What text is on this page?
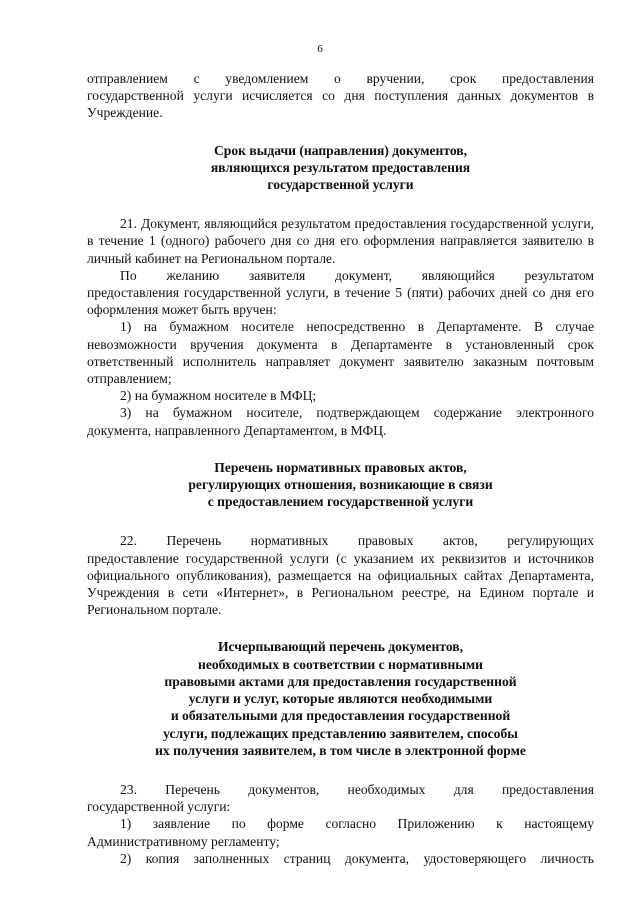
6

отправлением с уведомлением о вручении, срок предоставления

государственной услуги исчисляется со дня поступления данных документов в Учреждение.

Срок выдачи (направления) документов,
являющихся результатом предоставления
государственной услуги

21. Документ, являющийся результатом предоставления государственной услуги, в течение 1 (одного) рабочего дня со дня его оформления направляется заявителю в личный кабинет на Региональном портале.

По желанию заявителя документ, являющийся результатом

предоставления государственной услуги, в течение 5 (пяти) рабочих дней со дня его оформления может быть вручен:

1) на бумажном носителе непосредственно в Департаменте. В случае невозможности вручения документа в Департаменте в установленный срок ответственный исполнитель направляет документ заявителю заказным почтовым отправлением;

2) на бумажном носителе в МФЦ;

3) на бумажном носителе, подтверждающем содержание электронного документа, направленного Департаментом, в МФЦ.

Перечень нормативных правовых актов,
регулирующих отношения, возникающие в связи
с предоставлением государственной услуги

22. Перечень нормативных правовых актов, регулирующих

предоставление государственной услуги (с указанием их реквизитов и источников официального опубликования), размещается на официальных сайтах Департамента, Учреждения в сети «Интернет», в Региональном реестре, на Едином портале и Региональном портале.

Исчерпывающий перечень документов,
необходимых в соответствии с нормативными
правовыми актами для предоставления государственной
услуги и услуг, которые являются необходимыми
и обязательными для предоставления государственной
услуги, подлежащих представлению заявителем, способы
их получения заявителем, в том числе в электронной форме

23. Перечень документов, необходимых для предоставления

государственной услуги:

1) заявление по форме согласно Приложению к настоящему

Административному регламенту;

2) копия заполненных страниц документа, удостоверяющего личность
